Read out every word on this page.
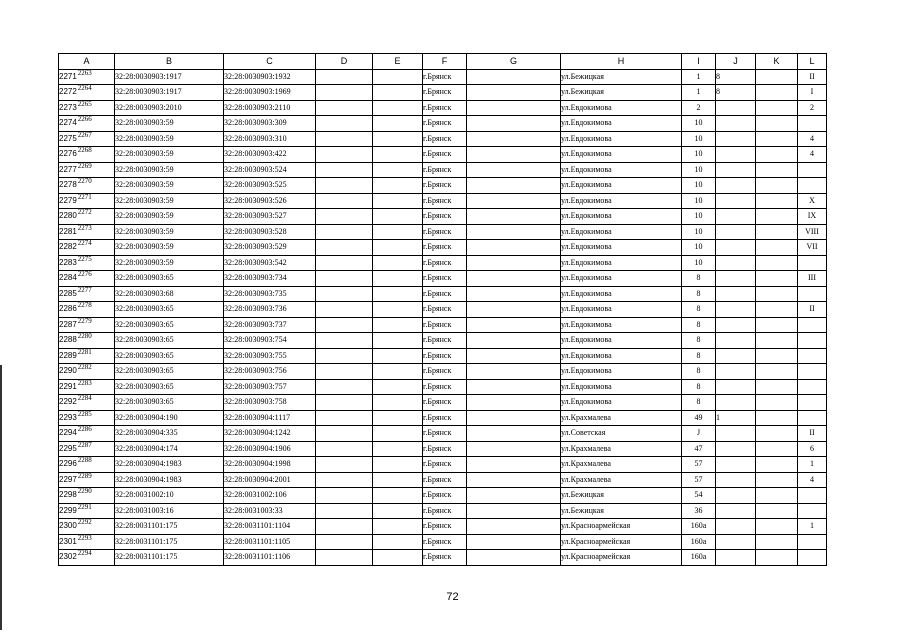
A	B	C	D	E	F	G	H	I	J	K	L
22712263	32:28:0030903:1917	32:28:0030903:1932			г.Брянск		ул.Бежицкая	1	8		II
22722264	32:28:0030903:1917	32:28:0030903:1969			г.Брянск		ул.Бежицкая	1	8		I
22732265	32:28:0030903:2010	32:28:0030903:2110			г.Брянск		ул.Евдокимова	2			2
22742266	32:28:0030903:59	32:28:0030903:309			г.Брянск		ул.Евдокимова	10			
22752267	32:28:0030903:59	32:28:0030903:310			г.Брянск		ул.Евдокимова	10			4
22762268	32:28:0030903:59	32:28:0030903:422			г.Брянск		ул.Евдокимова	10			4
22772269	32:28:0030903:59	32:28:0030903:524			г.Брянск		ул.Евдокимова	10			
22782270	32:28:0030903:59	32:28:0030903:525			г.Брянск		ул.Евдокимова	10			
22792271	32:28:0030903:59	32:28:0030903:526			г.Брянск		ул.Евдокимова	10			X
22802272	32:28:0030903:59	32:28:0030903:527			г.Брянск		ул.Евдокимова	10			IX
22812273	32:28:0030903:59	32:28:0030903:528			г.Брянск		ул.Евдокимова	10			VIII
22822274	32:28:0030903:59	32:28:0030903:529			г.Брянск		ул.Евдокимова	10			VII
22832275	32:28:0030903:59	32:28:0030903:542			г.Брянск		ул.Евдокимова	10			
22842276	32:28:0030903:65	32:28:0030903:734			г.Брянск		ул.Евдокимова	8			III
22852277	32:28:0030903:68	32:28:0030903:735			г.Брянск		ул.Евдокимова	8			
22862278	32:28:0030903:65	32:28:0030903:736			г.Брянск		ул.Евдокимова	8			II
22872279	32:28:0030903:65	32:28:0030903:737			г.Брянск		ул.Евдокимова	8			
22882280	32:28:0030903:65	32:28:0030903:754			г.Брянск		ул.Евдокимова	8			
22892281	32:28:0030903:65	32:28:0030903:755			г.Брянск		ул.Евдокимова	8			
22902282	32:28:0030903:65	32:28:0030903:756			г.Брянск		ул.Евдокимова	8			
22912283	32:28:0030903:65	32:28:0030903:757			г.Брянск		ул.Евдокимова	8			
22922284	32:28:0030903:65	32:28:0030903:758			г.Брянск		ул.Евдокимова	8			
22932285	32:28:0030904:190	32:28:0030904:1117			г.Брянск		ул.Крахмалева	49	1		
22942286	32:28:0030904:335	32:28:0030904:1242			г.Брянск		ул.Советская	J			II
22952287	32:28:0030904:174	32:28:0030904:1906			г.Брянск		ул.Крахмалева	47			6
22962288	32:28:0030904:1983	32:28:0030904:1998			г.Брянск		ул.Крахмалева	57			1
22972289	32:28:0030904:1983	32:28:0030904:2001			г.Брянск		ул.Крахмалева	57			4
22982290	32:28:0031002:10	32:28:0031002:106			г.Брянск		ул.Бежицкая	54			
22992291	32:28:0031003:16	32:28:0031003:33			г.Брянск		ул.Бежицкая	36			
23002292	32:28:0031101:175	32:28:0031101:1104			г.Брянск		ул.Красноармейская	160а			1
23012293	32:28:0031101:175	32:28:0031101:1105			г.Брянск		ул.Красноармейская	160а			
23022294	32:28:0031101:175	32:28:0031101:1106			г.Брянск		ул.Красноармейская	160а			
72
